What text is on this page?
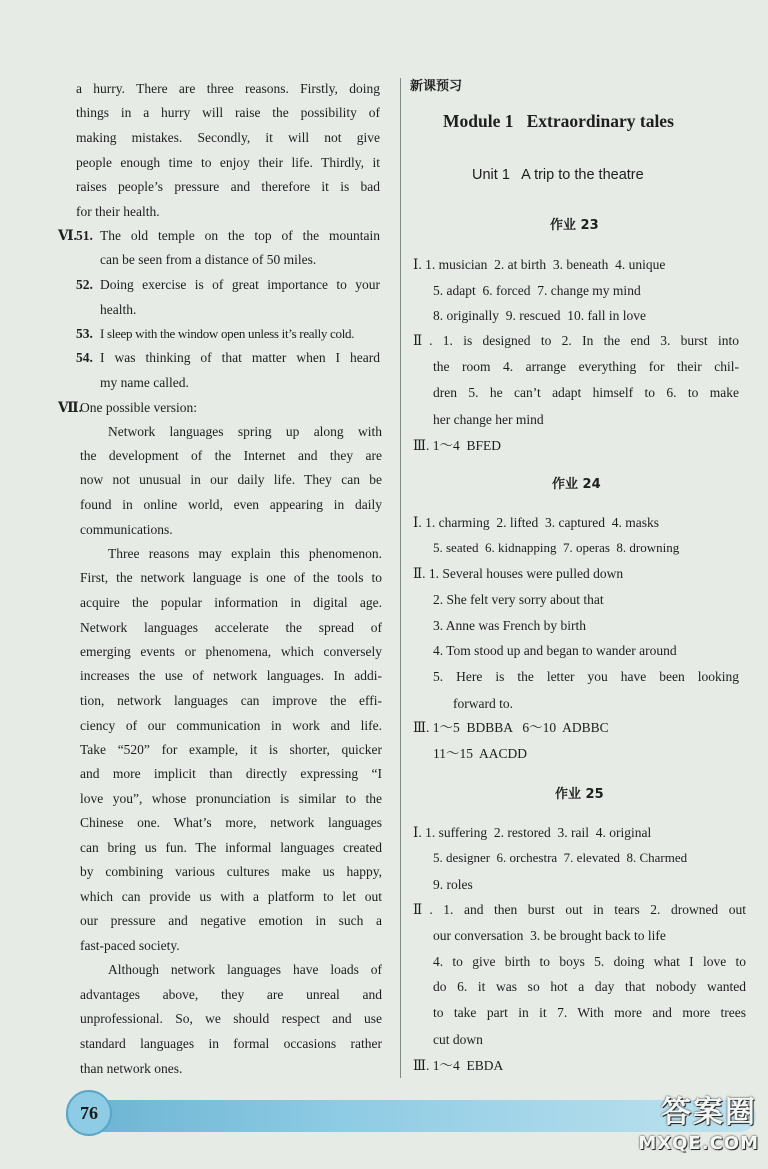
a hurry. There are three reasons. Firstly, doing
things in a hurry will raise the possibility of
making mistakes. Secondly, it will not give
people enough time to enjoy their life. Thirdly, it
raises people’s pressure and therefore it is bad
for their health.
Ⅵ. 51. The old temple on the top of the mountain
can be seen from a distance of 50 miles.
52. Doing exercise is of great importance to your
health.
53. I sleep with the window open unless it’s really cold.
54. I was thinking of that matter when I heard
my name called.
Ⅶ.
One possible version:
Network languages spring up along with
the development of the Internet and they are
now not unusual in our daily life. They can be
found in online world, even appearing in daily
communications.
Three reasons may explain this phenomenon.
First, the network language is one of the tools to
acquire the popular information in digital age.
Network languages accelerate the spread of
emerging events or phenomena, which conversely
increases the use of network languages. In addi-
tion, network languages can improve the effi-
ciency of our communication in work and life.
Take “520” for example, it is shorter, quicker
and more implicit than directly expressing “I
love you”, whose pronunciation is similar to the
Chinese one. What’s more, network languages
can bring us fun. The informal languages created
by combining various cultures make us happy,
which can provide us with a platform to let out
our pressure and negative emotion in such a
fast-paced society.
Although network languages have loads of
advantages above, they are unreal and
unprofessional. So, we should respect and use
standard languages in formal occasions rather
than network ones.
新课预习
Module 1   Extraordinary tales
Unit 1   A trip to the theatre
作业 23
Ⅰ. 1. musician  2. at birth  3. beneath  4. unique
5. adapt  6. forced  7. change my mind
8. originally  9. rescued  10. fall in love
Ⅱ. 1. is designed to 2. In the end 3. burst into
the room 4. arrange everything for their chil-
dren 5. he can’t adapt himself to 6. to make
her change her mind
Ⅲ. 1～4  BFED
作业 24
Ⅰ. 1. charming  2. lifted  3. captured  4. masks
5. seated  6. kidnapping  7. operas  8. drowning
Ⅱ. 1. Several houses were pulled down
2. She felt very sorry about that
3. Anne was French by birth
4. Tom stood up and began to wander around
5. Here is the letter you have been looking
forward to.
Ⅲ. 1～5  BDBBA   6～10  ADBBC
11～15  AACDD
作业 25
Ⅰ. 1. suffering  2. restored  3. rail  4. original
5. designer  6. orchestra  7. elevated  8. Charmed
9. roles
Ⅱ. 1. and then burst out in tears 2. drowned out
our conversation  3. be brought back to life
4. to give birth to boys 5. doing what I love to
do 6. it was so hot a day that nobody wanted
to take part in it 7. With more and more trees
cut down
Ⅲ. 1～4  EBDA
76	答案圈
MXQE.COM
